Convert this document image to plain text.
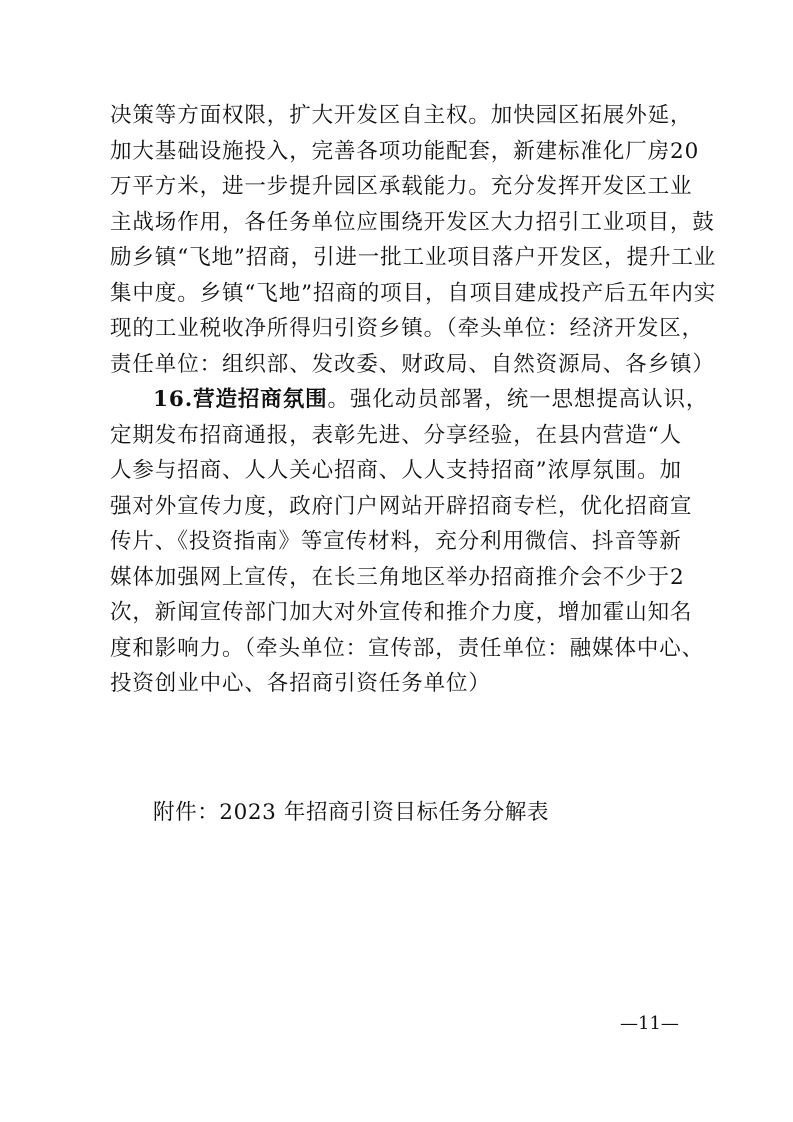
决策等方面权限，扩大开发区自主权。加快园区拓展外延，
加大基础设施投入，完善各项功能配套，新建标准化厂房20
万平方米，进一步提升园区承载能力。充分发挥开发区工业
主战场作用，各任务单位应围绕开发区大力招引工业项目，鼓
励乡镇“飞地”招商，引进一批工业项目落户开发区，提升工业
集中度。乡镇“飞地”招商的项目，自项目建成投产后五年内实
现的工业税收净所得归引资乡镇。（牵头单位：经济开发区，
责任单位：组织部、发改委、财政局、自然资源局、各乡镇）
16.营造招商氛围。强化动员部署，统一思想提高认识，
定期发布招商通报，表彰先进、分享经验，在县内营造“人
人参与招商、人人关心招商、人人支持招商”浓厚氛围。加
强对外宣传力度，政府门户网站开辟招商专栏，优化招商宣
传片、《投资指南》等宣传材料，充分利用微信、抖音等新
媒体加强网上宣传，在长三角地区举办招商推介会不少于2
次，新闻宣传部门加大对外宣传和推介力度，增加霍山知名
度和影响力。（牵头单位：宣传部，责任单位：融媒体中心、
投资创业中心、各招商引资任务单位）
附件：2023 年招商引资目标任务分解表
—11—
